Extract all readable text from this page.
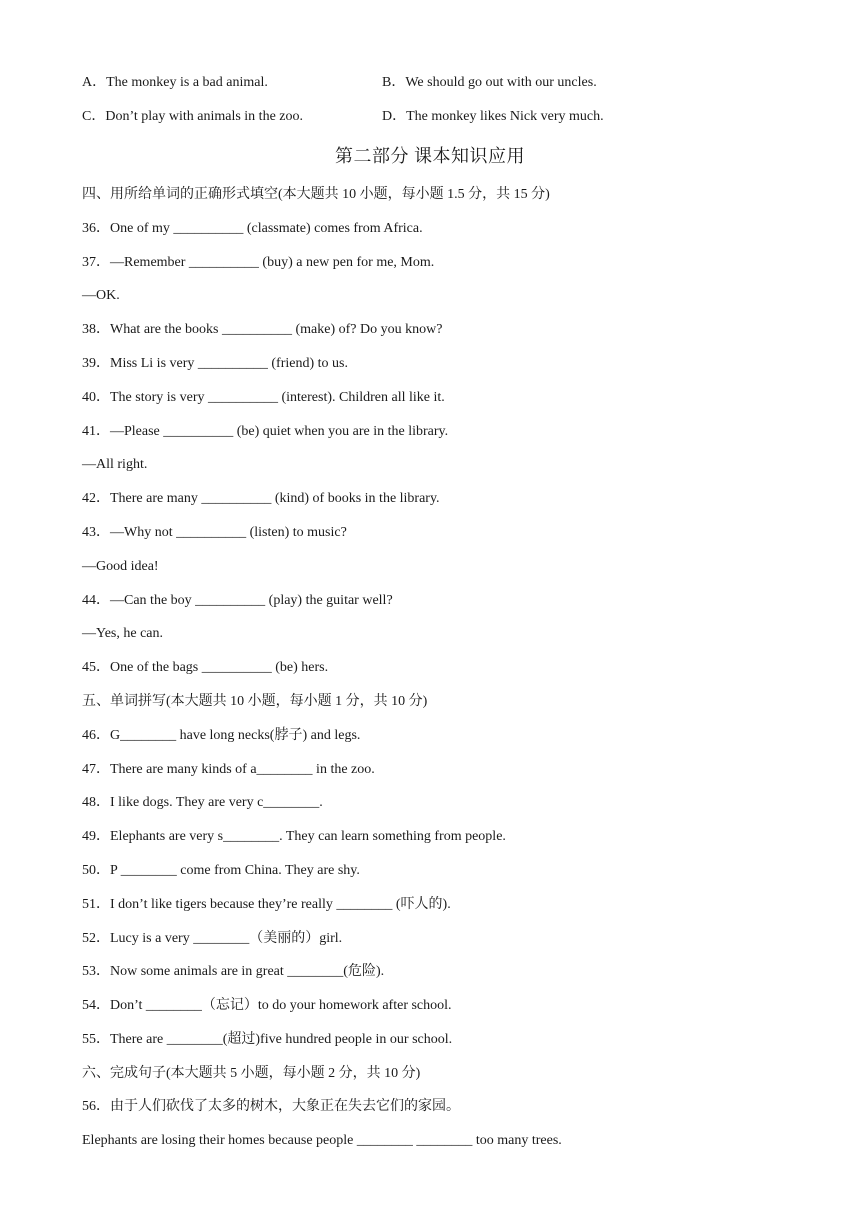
A．The monkey is a bad animal.	B．We should go out with our uncles.
C．Don’t play with animals in the zoo.	D．The monkey likes Nick very much.
第二部分 课本知识应用
四、用所给单词的正确形式填空(本大题共 10 小题，每小题 1.5 分，共 15 分)
36．One of my __________ (classmate) comes from Africa.
37．—Remember __________ (buy) a new pen for me, Mom.
—OK.
38．What are the books __________ (make) of? Do you know?
39．Miss Li is very __________ (friend) to us.
40．The story is very __________ (interest). Children all like it.
41．—Please __________ (be) quiet when you are in the library.
—All right.
42．There are many __________ (kind) of books in the library.
43．—Why not __________ (listen) to music?
—Good idea!
44．—Can the boy __________ (play) the guitar well?
—Yes, he can.
45．One of the bags __________ (be) hers.
五、单词拼写(本大题共 10 小题，每小题 1 分，共 10 分)
46．G________ have long necks(脖子) and legs.
47．There are many kinds of a________ in the zoo.
48．I like dogs. They are very c________.
49．Elephants are very s________. They can learn something from people.
50．P ________ come from China. They are shy.
51．I don’t like tigers because they’re really ________ (吓人的).
52．Lucy is a very ________（美丽的）girl.
53．Now some animals are in great ________(危险).
54．Don’t ________（忘记）to do your homework after school.
55．There are ________(超过)five hundred people in our school.
六、完成句子(本大题共 5 小题，每小题 2 分，共 10 分)
56．由于人们砍伐了太多的树木，大象正在失去它们的家园。
Elephants are losing their homes because people ________ ________ too many trees.
